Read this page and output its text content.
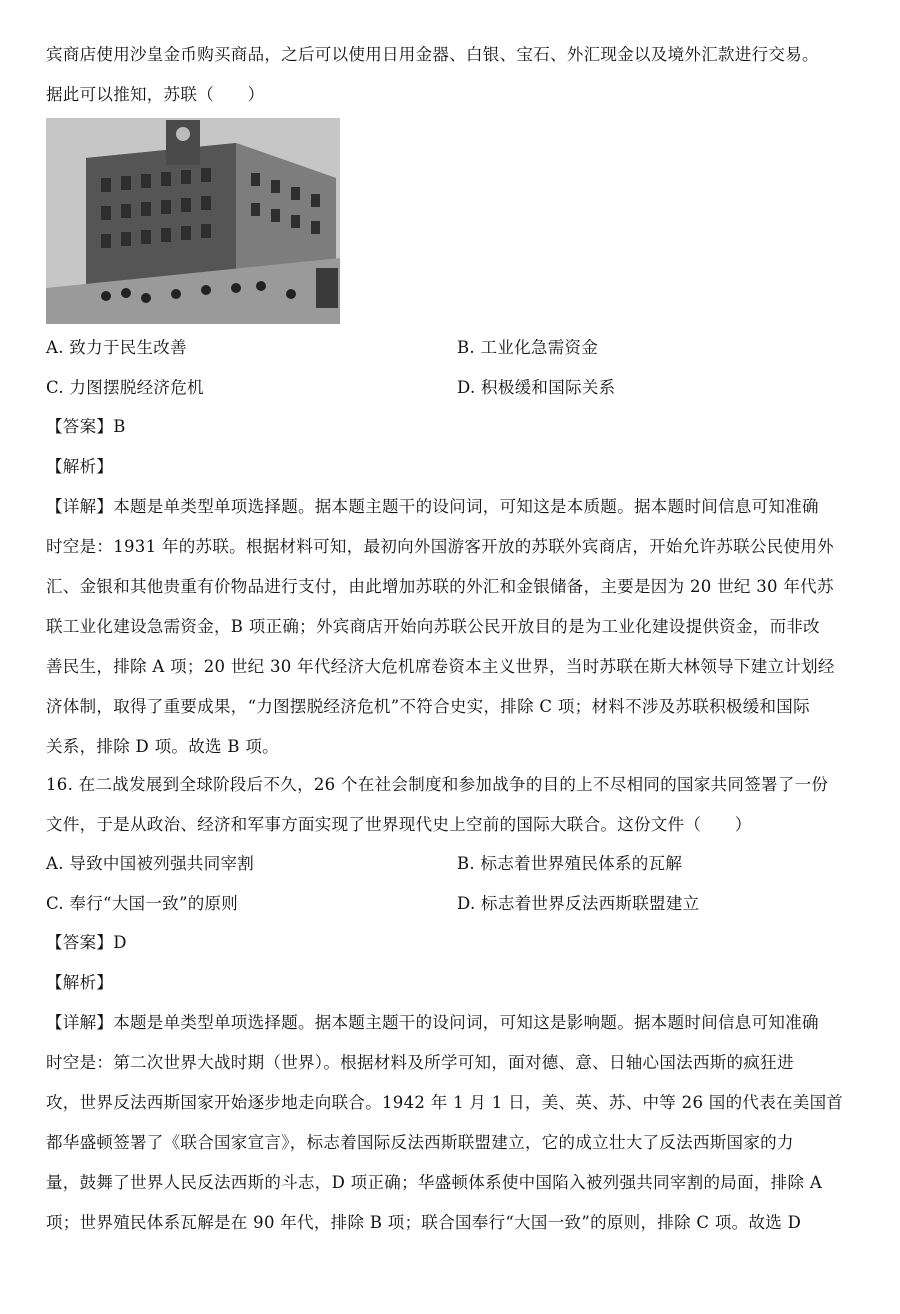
宾商店使用沙皇金币购买商品，之后可以使用日用金器、白银、宝石、外汇现金以及境外汇款进行交易。
据此可以推知，苏联（　　）
A. 致力于民生改善	B. 工业化急需资金
C. 力图摆脱经济危机	D. 积极缓和国际关系
【答案】B
【解析】
【详解】本题是单类型单项选择题。据本题主题干的设问词，可知这是本质题。据本题时间信息可知准确
时空是：1931 年的苏联。根据材料可知，最初向外国游客开放的苏联外宾商店，开始允许苏联公民使用外
汇、金银和其他贵重有价物品进行支付，由此增加苏联的外汇和金银储备，主要是因为 20 世纪 30 年代苏
联工业化建设急需资金，B 项正确；外宾商店开始向苏联公民开放目的是为工业化建设提供资金，而非改
善民生，排除 A 项；20 世纪 30 年代经济大危机席卷资本主义世界，当时苏联在斯大林领导下建立计划经
济体制，取得了重要成果，“力图摆脱经济危机”不符合史实，排除 C 项；材料不涉及苏联积极缓和国际
关系，排除 D 项。故选 B 项。
16. 在二战发展到全球阶段后不久，26 个在社会制度和参加战争的目的上不尽相同的国家共同签署了一份
文件，于是从政治、经济和军事方面实现了世界现代史上空前的国际大联合。这份文件（　　）
A. 导致中国被列强共同宰割	B. 标志着世界殖民体系的瓦解
C. 奉行“大国一致”的原则	D. 标志着世界反法西斯联盟建立
【答案】D
【解析】
【详解】本题是单类型单项选择题。据本题主题干的设问词，可知这是影响题。据本题时间信息可知准确
时空是：第二次世界大战时期（世界）。根据材料及所学可知，面对德、意、日轴心国法西斯的疯狂进
攻，世界反法西斯国家开始逐步地走向联合。1942 年 1 月 1 日，美、英、苏、中等 26 国的代表在美国首
都华盛顿签署了《联合国家宣言》，标志着国际反法西斯联盟建立，它的成立壮大了反法西斯国家的力
量，鼓舞了世界人民反法西斯的斗志，D 项正确；华盛顿体系使中国陷入被列强共同宰割的局面，排除 A
项；世界殖民体系瓦解是在 90 年代，排除 B 项；联合国奉行“大国一致”的原则，排除 C 项。故选 D
